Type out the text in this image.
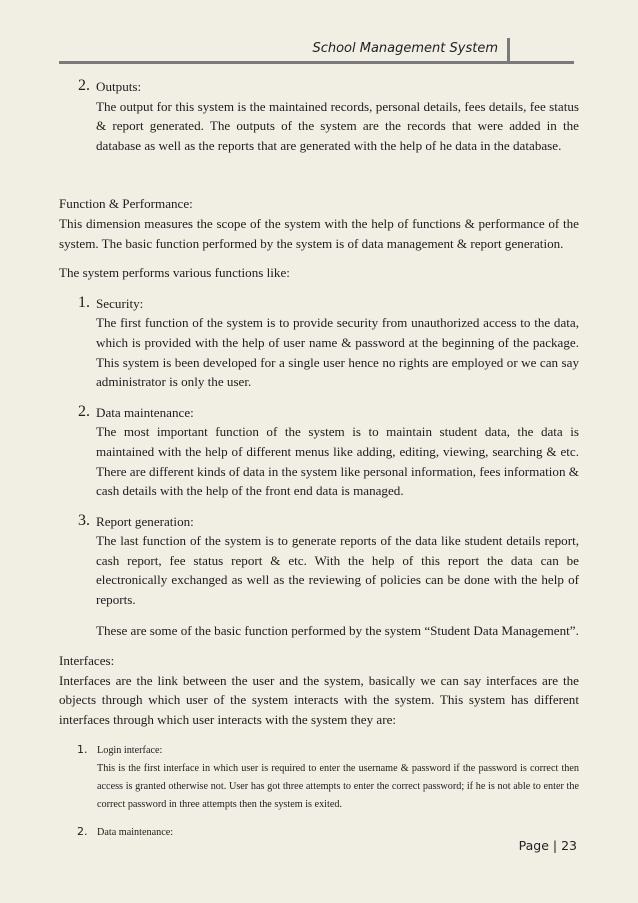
School Management System
2. Outputs:

The output for this system is the maintained records, personal details, fees details, fee status & report generated. The outputs of the system are the records that were added in the database as well as the reports that are generated with the help of he data in the database.

Function & Performance:

This dimension measures the scope of the system with the help of functions & performance of the system. The basic function performed by the system is of data management & report generation.

The system performs various functions like:

1. Security:

The first function of the system is to provide security from unauthorized access to the data, which is provided with the help of user name & password at the beginning of the package. This system is been developed for a single user hence no rights are employed or we can say administrator is only the user.

2. Data maintenance:

The most important function of the system is to maintain student data, the data is maintained with the help of different menus like adding, editing, viewing, searching & etc. There are different kinds of data in the system like personal information, fees information & cash details with the help of the front end data is managed.

3. Report generation:

The last function of the system is to generate reports of the data like student details report, cash report, fee status report & etc. With the help of this report the data can be electronically exchanged as well as the reviewing of policies can be done with the help of reports.

These are some of the basic function performed by the system “Student Data Management”.

Interfaces:

Interfaces are the link between the user and the system, basically we can say interfaces are the objects through which user of the system interacts with the system. This system has different interfaces through which user interacts with the system they are:

1. Login interface:

This is the first interface in which user is required to enter the username & password if the password is correct then access is granted otherwise not. User has got three attempts to enter the correct password; if he is not able to enter the correct password in three attempts then the system is exited.

2. Data maintenance:

Page | 23
